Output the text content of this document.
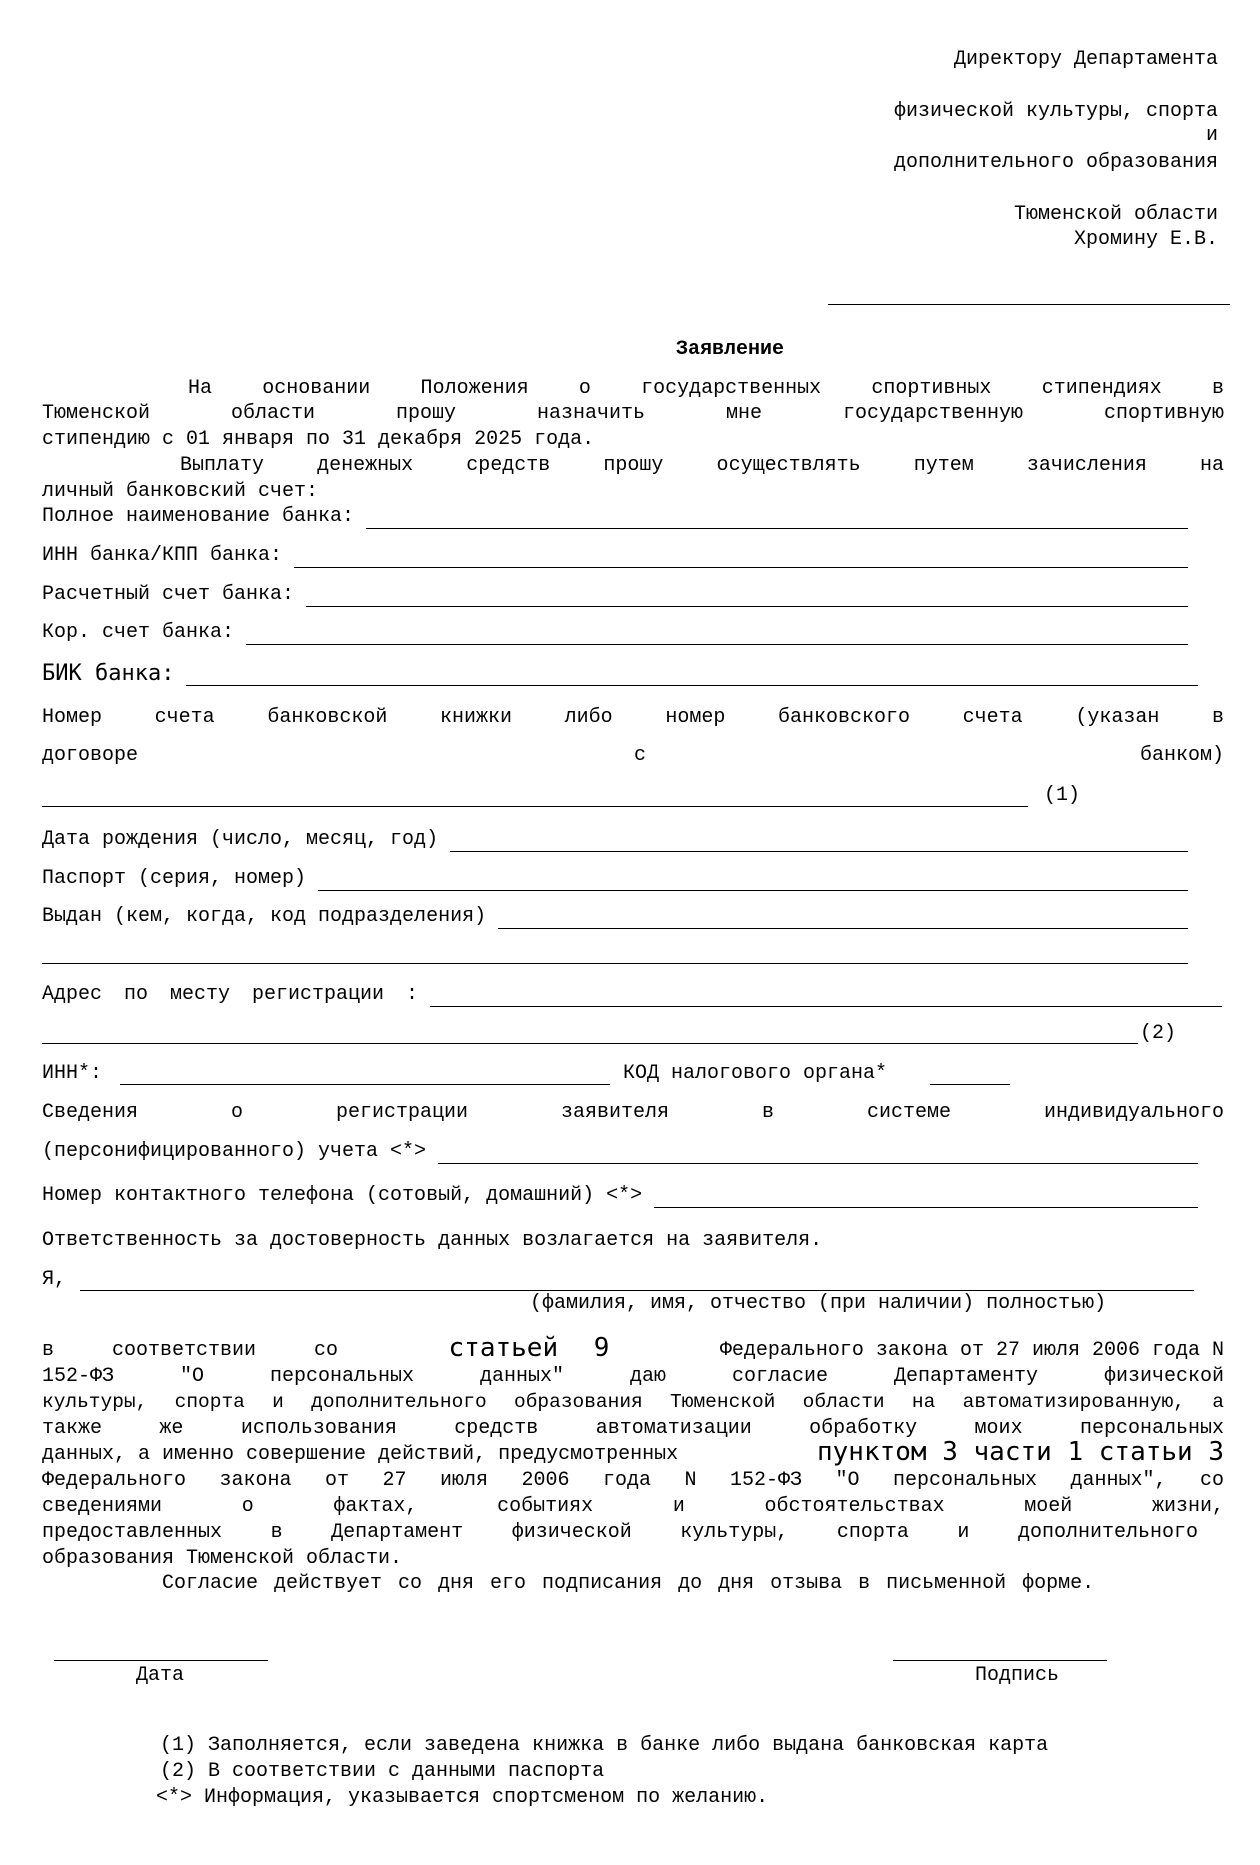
Директору Департамента
физической культуры, спорта
и
дополнительного образования
Тюменской области
Хромину Е.В.
Заявление
На основании Положения о государственных спортивных стипендиях в
Тюменской области прошу назначить мне государственную спортивную
стипендию с 01 января по 31 декабря 2025 года.
Выплату денежных средств прошу осуществлять путем зачисления на
личный банковский счет:
Полное наименование банка:
ИНН банка/КПП банка:
Расчетный счет банка:
Кор. счет банка:
БИК банка:
Номер счета банковской книжки либо номер банковского счета (указан в
договоре	с	банком)
(1)
Дата рождения (число, месяц, год)
Паспорт (серия, номер)
Выдан (кем, когда, код подразделения)
Адрес по месту регистрации :
(2)
ИНН*:	КОД налогового органа*
Сведения о регистрации заявителя в системе индивидуального
(персонифицированного) учета <*>
Номер контактного телефона (сотовый, домашний) <*>
Ответственность за достоверность данных возлагается на заявителя.
Я,
(фамилия, имя, отчество (при наличии) полностью)
в соответствии со	статьей 9	Федерального закона от 27 июля 2006 года N
152-ФЗ "О персональных данных" даю согласие Департаменту физической
культуры, спорта и дополнительного образования Тюменской области на автоматизированную, а
также же использования средств автоматизации обработку моих персональных
данных, а именно совершение действий, предусмотренных	пунктом 3 части 1 статьи 3
Федерального закона от 27 июля 2006 года N 152-ФЗ "О персональных данных", со
сведениями о фактах, событиях и обстоятельствах моей жизни,
предоставленных в Департамент физической культуры, спорта и дополнительного
образования Тюменской области.
Согласие действует со дня его подписания до дня отзыва в письменной форме.
Дата	Подпись
(1) Заполняется, если заведена книжка в банке либо выдана банковская карта
(2) В соответствии с данными паспорта
<*> Информация, указывается спортсменом по желанию.
